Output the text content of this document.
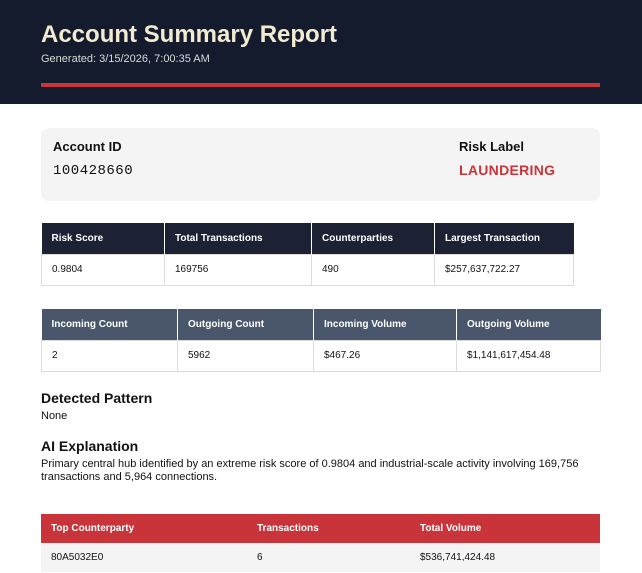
Account Summary Report
Generated: 3/15/2026, 7:00:35 AM
Account ID
100428660
Risk Label
LAUNDERING
Risk Score	Total Transactions	Counterparties	Largest Transaction
0.9804	169756	490	$257,637,722.27
Incoming Count	Outgoing Count	Incoming Volume	Outgoing Volume
2	5962	$467.26	$1,141,617,454.48
Detected Pattern
None
AI Explanation
Primary central hub identified by an extreme risk score of 0.9804 and industrial-scale activity involving 169,756 transactions and 5,964 connections.
Top Counterparty	Transactions	Total Volume
80A5032E0	6	$536,741,424.48
